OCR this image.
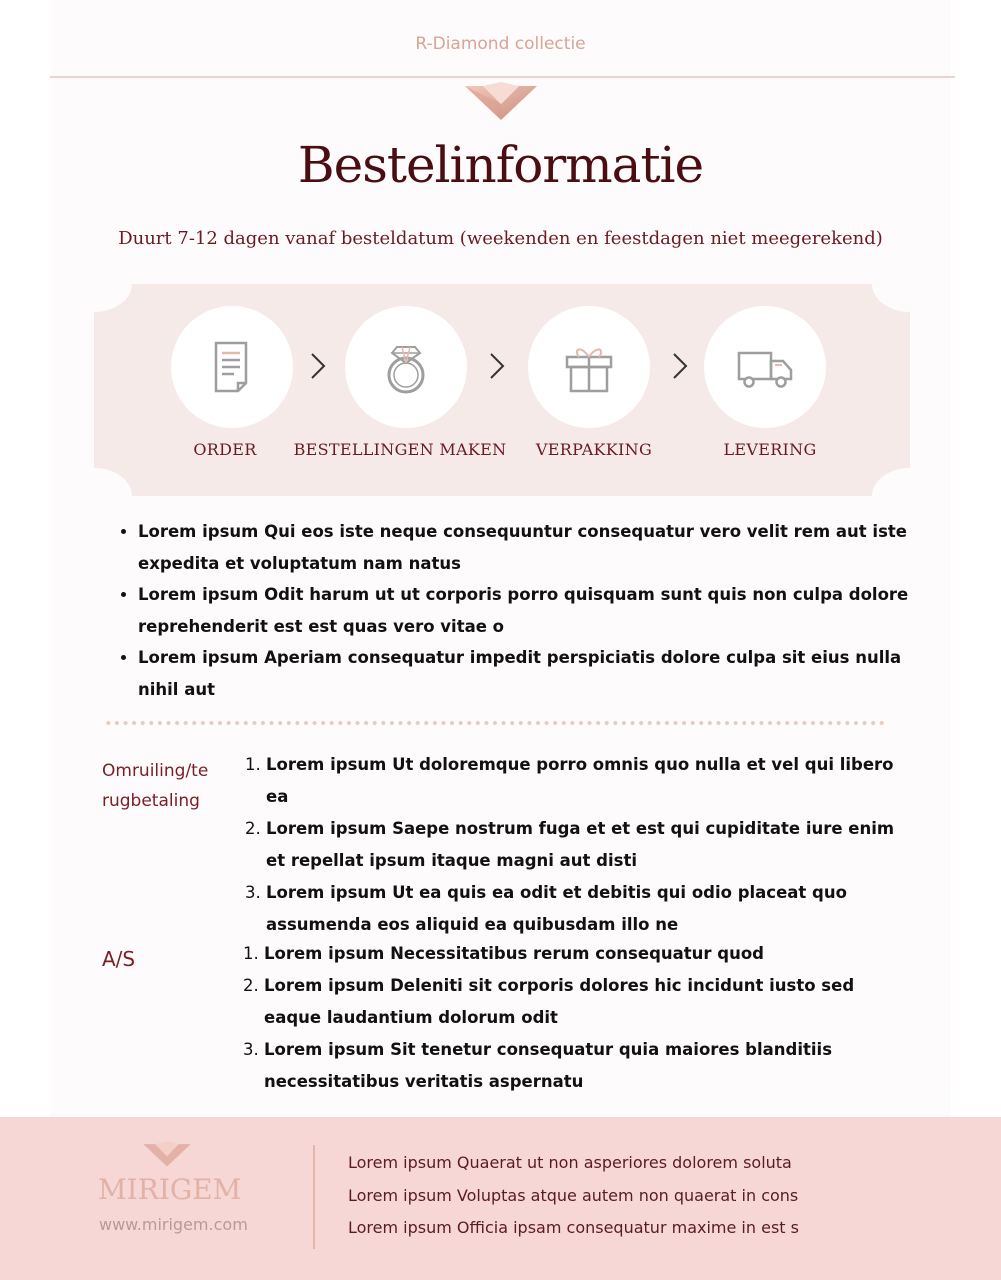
R-Diamond collectie
Bestelinformatie
Duurt 7-12 dagen vanaf besteldatum (weekenden en feestdagen niet meegerekend)
ORDER	BESTELLINGEN MAKEN	VERPAKKING	LEVERING
• Lorem ipsum Qui eos iste neque consequuntur consequatur vero velit rem aut iste expedita et voluptatum nam natus
• Lorem ipsum Odit harum ut ut corporis porro quisquam sunt quis non culpa dolore reprehenderit est est quas vero vitae o
• Lorem ipsum Aperiam consequatur impedit perspiciatis dolore culpa sit eius nulla nihil aut
Omruiling/terugbetaling
1. Lorem ipsum Ut doloremque porro omnis quo nulla et vel qui libero ea
2. Lorem ipsum Saepe nostrum fuga et et est qui cupiditate iure enim et repellat ipsum itaque magni aut disti
3. Lorem ipsum Ut ea quis ea odit et debitis qui odio placeat quo assumenda eos aliquid ea quibusdam illo ne
A/S
1.	Lorem ipsum Necessitatibus rerum consequatur quod
2. Lorem ipsum Deleniti sit corporis dolores hic incidunt iusto sed eaque laudantium dolorum odit
3. Lorem ipsum Sit tenetur consequatur quia maiores blanditiis necessitatibus veritatis aspernatu
MIRIGEM
www.mirigem.com
Lorem ipsum Quaerat ut non asperiores dolorem soluta
Lorem ipsum Voluptas atque autem non quaerat in cons
Lorem ipsum Officia ipsam consequatur maxime in est s
